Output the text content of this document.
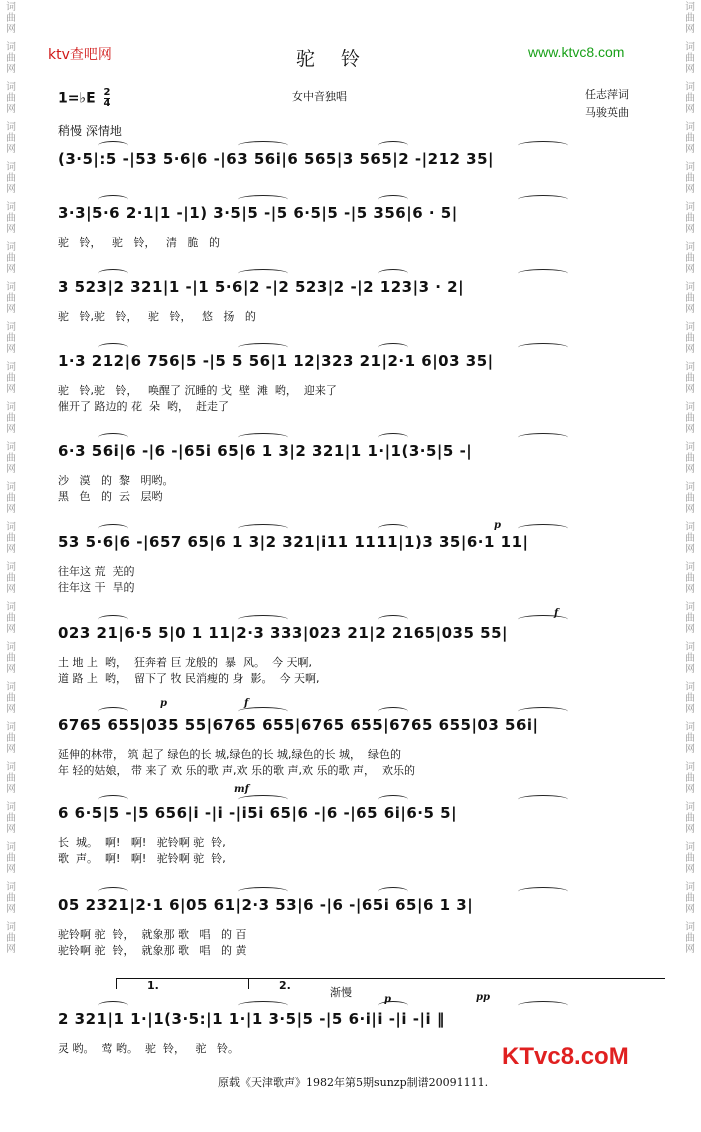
词
曲
网
词
曲
网
词
曲
网
词
曲
网
词
曲
网
词
曲
网
词
曲
网
词
曲
网
词
曲
网
词
曲
网
词
曲
网
词
曲
网
词
曲
网
词
曲
网
词
曲
网
词
曲
网
词
曲
网
词
曲
网
词
曲
网
词
曲
网
词
曲
网
词
曲
网
词
曲
网
词
曲
网
词
曲
网
词
曲
网
词
曲
网
词
曲
网
词
曲
网
词
曲
网
词
曲
网
词
曲
网
词
曲
网
词
曲
网
词
曲
网
词
曲
网
词
曲
网
词
曲
网
词
曲
网
词
曲
网
词
曲
网
词
曲
网
词
曲
网
词
曲
网
词
曲
网
词
曲
网
词
曲
网
词
曲
网
ktv查吧网	驼 铃	www.ktvc8.com
1=♭E $\frac{2}{4}$	女中音独唱	任志萍词
马骏英曲
稍慢 深情地
(3·5|:5 -|53 5·6|6 -|63 56i|6 565|3 565|2 -|212 35|
3·3|5·6 2·1|1 -|1) 3·5|5 -|5 6·5|5 -|5 356|6 · 5|
驼   铃，   驼   铃，   清   脆   的
3 523|2 321|1 -|1 5·6|2 -|2 523|2 -|2 123|3 · 2|
驼   铃,驼   铃，   驼   铃，   悠   扬   的
1·3 212|6 756|5 -|5 5 56|1 12|323 21|2·1 6|03 35|
驼   铃,驼   铃，   唤醒了 沉睡的 戈  壁  滩  哟，  迎来了
催开了 路边的 花  朵  哟，  赶走了
6·3 56i|6 -|6 -|65i 65|6 1 3|2 321|1 1·|1(3·5|5 -|
沙   漠   的  黎   明哟。
黑   色   的  云   层哟
53 5·6|6 -|657 65|6 1 3|2 321|i11 1111|1)3 35|6·1 11|
往年这 荒  芜的
往年这 干  旱的
023 21|6·5 5|0 1 11|2·3 333|023 21|2 2165|035 55|
土 地 上  哟，  狂奔着 巨 龙般的  暴  风。  今 天啊,
道 路 上  哟，  留下了 牧 民消瘦的 身  影。  今 天啊,
6765 655|035 55|6765 655|6765 655|6765 655|03 56i|
延伸的林带， 筑 起了 绿色的长 城,绿色的长 城,绿色的长 城，  绿色的
年 轻的姑娘， 带 来了 欢 乐的歌 声,欢 乐的歌 声,欢 乐的歌 声，  欢乐的
6 6·5|5 -|5 656|i -|i -|i5i 65|6 -|6 -|65 6i|6·5 5|
长  城。  啊!   啊!   驼铃啊 驼  铃,
歌  声。  啊!   啊!   驼铃啊 驼  铃,
05 2321|2·1 6|05 61|2·3 53|6 -|6 -|65i 65|6 1 3|
驼铃啊 驼  铃，  就象那 歌   唱   的 百
驼铃啊 驼  铃，  就象那 歌   唱   的 黄
2 321|1 1·|1(3·5:|1 1·|1 3·5|5 -|5 6·i|i -|i -|i ‖
灵 哟。  莺 哟。  驼  铃，   驼   铃。
1.	2.
渐慢
p
f
p	f
mf
p	pp
KTvc8.coM
原载《天津歌声》1982年第5期sunzp制谱20091111.
